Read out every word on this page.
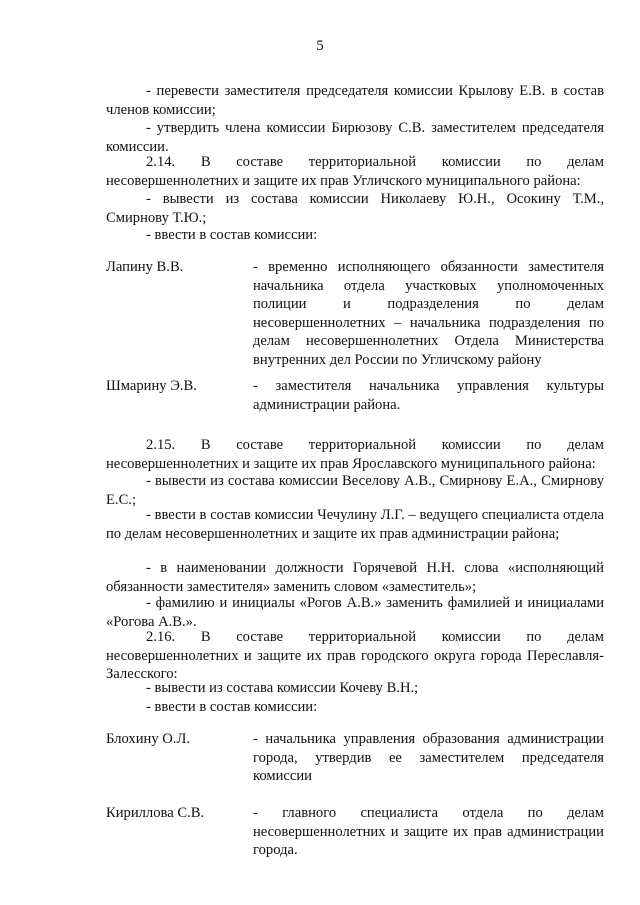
5
- перевести заместителя председателя комиссии Крылову Е.В. в состав членов комиссии;
- утвердить члена комиссии Бирюзову С.В. заместителем председателя комиссии.
2.14. В составе территориальной комиссии по делам несовершеннолетних и защите их прав Угличского муниципального района:
- вывести из состава комиссии Николаеву Ю.Н., Осокину Т.М., Смирнову Т.Ю.;
- ввести в состав комиссии:
Лапину В.В.	- временно исполняющего обязанности заместителя начальника отдела участковых уполномоченных полиции и подразделения по делам несовершеннолетних – начальника подразделения по делам несовершеннолетних Отдела Министерства внутренних дел России по Угличскому району
Шмарину Э.В.	- заместителя начальника управления культуры администрации района.
2.15. В составе территориальной комиссии по делам несовершеннолетних и защите их прав Ярославского муниципального района:
- вывести из состава комиссии Веселову А.В., Смирнову Е.А., Смирнову Е.С.;
- ввести в состав комиссии Чечулину Л.Г. – ведущего специалиста отдела по делам несовершеннолетних и защите их прав администрации района;
- в наименовании должности Горячевой Н.Н. слова «исполняющий обязанности заместителя» заменить словом «заместитель»;
- фамилию и инициалы «Рогов А.В.» заменить фамилией и инициалами «Рогова А.В.».
2.16. В составе территориальной комиссии по делам несовершеннолетних и защите их прав городского округа города Переславля-Залесского:
- вывести из состава комиссии Кочеву В.Н.;
- ввести в состав комиссии:
Блохину О.Л.	- начальника управления образования администрации города, утвердив ее заместителем председателя комиссии
Кириллова С.В.	- главного специалиста отдела по делам несовершеннолетних и защите их прав администрации города.
